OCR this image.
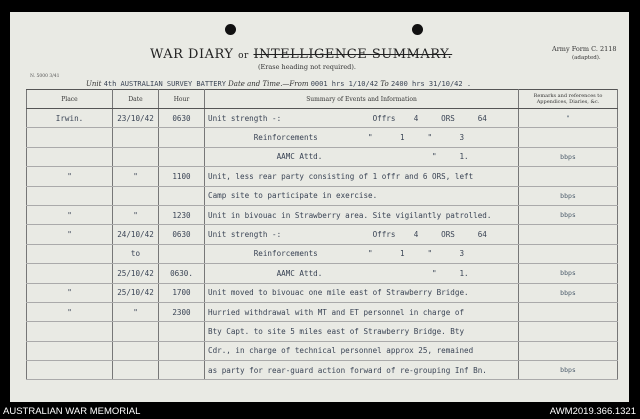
WAR DIARY or INTELLIGENCE SUMMARY.
(Erase heading not required).
Army Form C. 2118
(adapted).
N. 5000 3/41
Unit 4th AUSTRALIAN SURVEY BATTERY Date and Time.—From 0001 hrs 1/10/42 To 2400 hrs 31/10/42 .
Place	Date	Hour	Summary of Events and Information	Remarks and references to Appendices, Diaries, &c.
Irwin.	23/10/42	0630	Unit strength -:                    Offrs    4     ORS     64	"
			Reinforcements           "      1     "      3	
			AAMC Attd.                        "     1.	bbps
"	"	1100	Unit, less rear party consisting of 1 offr and 6 ORS, left	
			Camp site to participate in exercise.	bbps
"	"	1230	Unit in bivouac in Strawberry area. Site vigilantly patrolled.	bbps
"	24/10/42	0630	Unit strength -:                    Offrs    4     ORS     64	
	to		Reinforcements           "      1     "      3	
	25/10/42	0630.	AAMC Attd.                        "     1.	bbps
"	25/10/42	1700	Unit moved to bivouac one mile east of Strawberry Bridge.	bbps
"	"	2300	Hurried withdrawal with MT and ET personnel in charge of	
			Bty Capt. to site 5 miles east of Strawberry Bridge. Bty	
			Cdr., in charge of technical personnel approx 25, remained	
			as party for rear-guard action forward of re-grouping Inf Bn.	bbps
AUSTRALIAN WAR MEMORIAL	AWM2019.366.1321
